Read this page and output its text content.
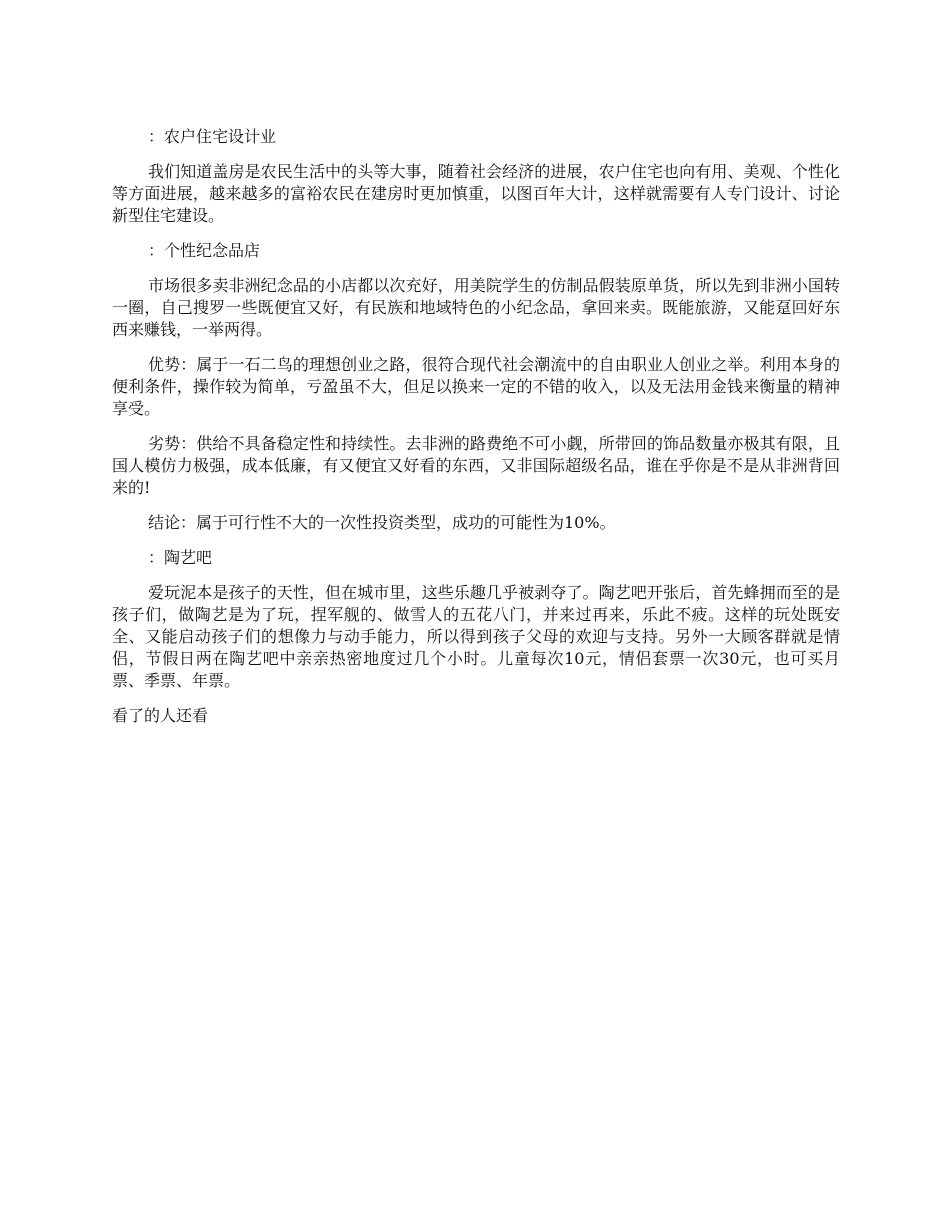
：农户住宅设计业

我们知道盖房是农民生活中的头等大事，随着社会经济的进展，农户住宅也向有用、美观、个性化等方面进展，越来越多的富裕农民在建房时更加慎重，以图百年大计，这样就需要有人专门设计、讨论新型住宅建设。

：个性纪念品店

市场很多卖非洲纪念品的小店都以次充好，用美院学生的仿制品假装原单货，所以先到非洲小国转一圈，自己搜罗一些既便宜又好，有民族和地域特色的小纪念品，拿回来卖。既能旅游，又能趸回好东西来赚钱，一举两得。

优势：属于一石二鸟的理想创业之路，很符合现代社会潮流中的自由职业人创业之举。利用本身的便利条件，操作较为简单，亏盈虽不大，但足以换来一定的不错的收入，以及无法用金钱来衡量的精神享受。

劣势：供给不具备稳定性和持续性。去非洲的路费绝不可小觑，所带回的饰品数量亦极其有限，且国人模仿力极强，成本低廉，有又便宜又好看的东西，又非国际超级名品，谁在乎你是不是从非洲背回来的!

结论：属于可行性不大的一次性投资类型，成功的可能性为10%。

：陶艺吧

爱玩泥本是孩子的天性，但在城市里，这些乐趣几乎被剥夺了。陶艺吧开张后，首先蜂拥而至的是孩子们，做陶艺是为了玩，捏军舰的、做雪人的五花八门，并来过再来，乐此不疲。这样的玩处既安全、又能启动孩子们的想像力与动手能力，所以得到孩子父母的欢迎与支持。另外一大顾客群就是情侣，节假日两在陶艺吧中亲亲热密地度过几个小时。儿童每次10元，情侣套票一次30元，也可买月票、季票、年票。

看了的人还看
